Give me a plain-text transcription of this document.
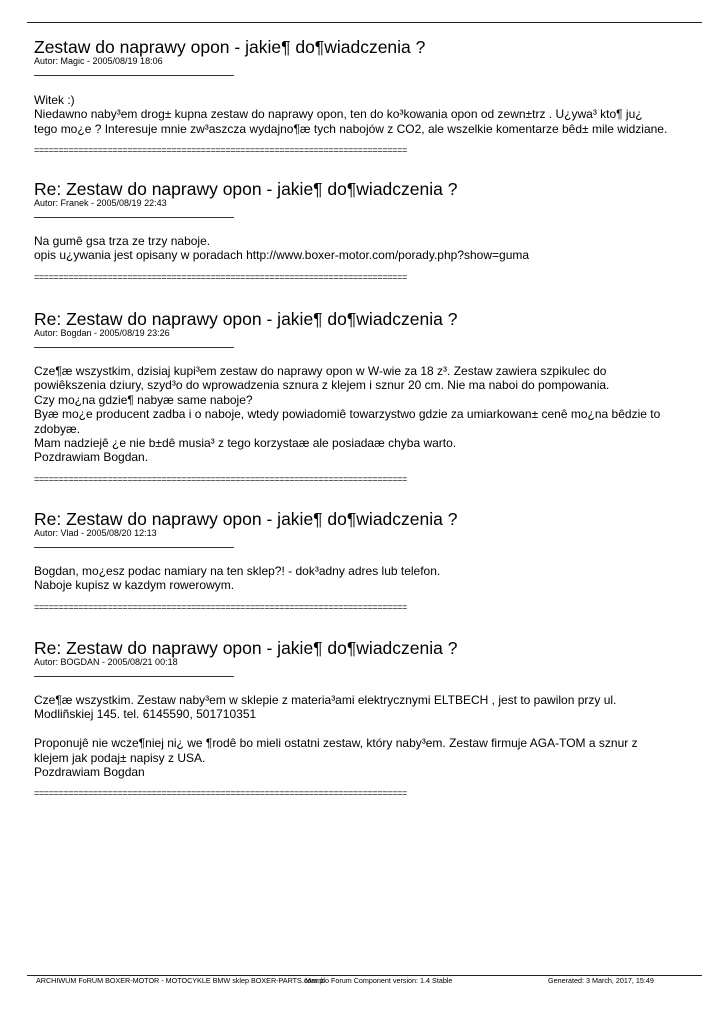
Zestaw do naprawy opon - jakie¶ do¶wiadczenia ?
Autor: Magic - 2005/08/19 18:06

Witek :)

Niedawno naby³em drog± kupna zestaw do naprawy opon, ten do ko³kowania opon od zewn±trz . U¿ywa³ kto¶ ju¿

tego mo¿e ? Interesuje mnie zw³aszcza wydajno¶æ tych nabojów z CO2, ale wszelkie komentarze bêd± mile widziane.

============================================================================
Re: Zestaw do naprawy opon - jakie¶ do¶wiadczenia ?
Autor: Franek - 2005/08/19 22:43

Na gumê gsa trza ze trzy naboje.

opis u¿ywania jest opisany w poradach http://www.boxer-motor.com/porady.php?show=guma

============================================================================
Re: Zestaw do naprawy opon - jakie¶ do¶wiadczenia ?
Autor: Bogdan - 2005/08/19 23:26

Cze¶æ wszystkim, dzisiaj kupi³em zestaw do naprawy opon w W-wie za 18 z³. Zestaw zawiera szpikulec do

powiêkszenia dziury, szyd³o do wprowadzenia sznura z klejem i sznur 20 cm. Nie ma naboi do pompowania.

Czy mo¿na gdzie¶ nabyæ same naboje?

Byæ mo¿e producent zadba i o naboje, wtedy powiadomiê towarzystwo gdzie za umiarkowan± cenê mo¿na bêdzie to

zdobyæ.

Mam nadziejê ¿e nie b±dê musia³ z tego korzystaæ ale posiadaæ chyba warto.

Pozdrawiam Bogdan.

============================================================================
Re: Zestaw do naprawy opon - jakie¶ do¶wiadczenia ?
Autor: Vlad - 2005/08/20 12:13

Bogdan, mo¿esz podac namiary na ten sklep?! - dok³adny adres lub telefon.

Naboje kupisz w kazdym rowerowym.

============================================================================
Re: Zestaw do naprawy opon - jakie¶ do¶wiadczenia ?
Autor: BOGDAN - 2005/08/21 00:18

Cze¶æ wszystkim. Zestaw naby³em w sklepie z materia³ami elektrycznymi ELTBECH , jest to pawilon przy ul.

Modliñskiej 145. tel. 6145590, 501710351

Proponujê nie wcze¶niej ni¿ we ¶rodê bo mieli ostatni zestaw, który naby³em. Zestaw firmuje AGA-TOM a sznur z

klejem jak podaj± napisy z USA.

Pozdrawiam Bogdan

============================================================================
ARCHIWUM FoRUM BOXER-MOTOR - MOTOCYKLE BMW sklep BOXER-PARTS.com.pl
Mambo Forum Component version: 1.4 Stable	Generated: 3 March, 2017, 15:49
